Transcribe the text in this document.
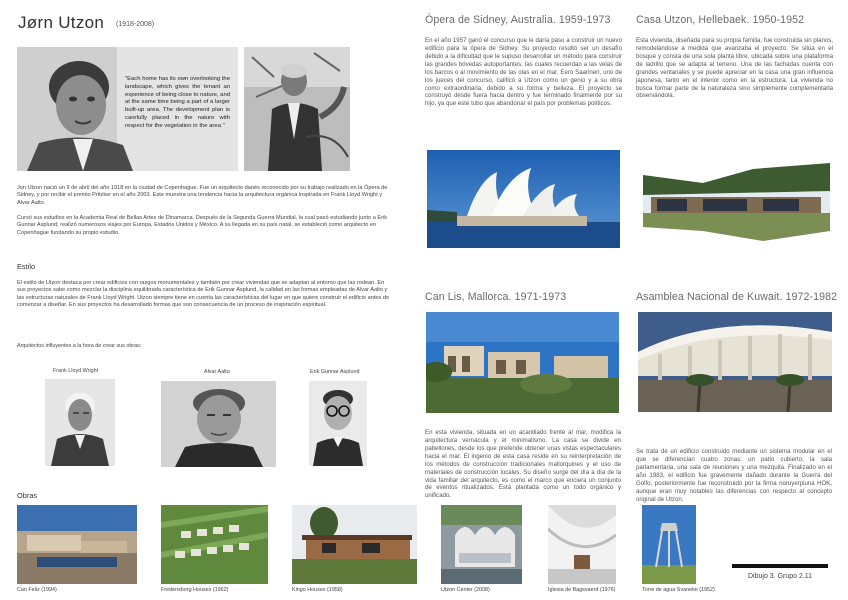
Jørn Utzon (1918-2008)
"Each home has its own overlooking the landscape, which gives the tenant an experience of being close to nature, and at the same time being a part of a larger built-up area. The development plan is carefully placed in the nature with respect for the vegetation in the area."
Jon Utzon nació un 9 de abril del año 1918 en la ciudad de Copenhague. Fue un arquitecto danés reconocido por su trabajo realizado en la Ópera de Sidney, y por recibir el premio Pritzker en el año 2003. Este muestra una tendencia hacia la arquitectura orgánica inspirada en Frank Lloyd Wright y Alvar Aalto.
Cursó sus estudios en la Academia Real de Bellas Artes de Dinamarca. Después de la Segunda Guerra Mundial, la cual pasó estudiando junto a Erik Gunnar Asplund, realizó numerosos viajes por Europa, Estados Unidos y México. A su llegada en su país natal, se estableció como arquitecto en Copenhague fundando su propio estudio.
Estilo
El estilo de Utzon destaca por crear edificios con rasgos monumentales y también por crear viviendas que se adaptan al entorno que las rodean. En sus proyectos sabe como mezclar la disciplina equilibrada característica de Erik Gunnar Asplund, la calidad en las formas empleadas de Alvar Aalto y las estructuras naturales de Frank Lloyd Wright. Utzon siempre tiene en cuenta las características del lugar en que quiere construir el edificio antes de comenzar a diseñar. En sus proyectos ha desarrollado formas que son consecuencia de un proceso de inspiración espiritual.
Arquitectos influyentes a la hora de crear sus obras:
Frank Lloyd Wright	Alvar Aalto	Erik Gunnar Asplund
Obras
Can Feliz (1994)	Fredensborg Houses (1962)	Kingo Houses (1958)	Utzon Center (2008)	Iglesia de Bagsvaerd (1976)	Torre de agua Svaneke (1952)
Ópera de Sidney, Australia. 1959-1973
En el año 1957 ganó el concurso que le daría paso a construir un nuevo edificio para la ópera de Sidney. Su proyecto resultó ser un desafío debido a la dificultad que le supuso desarrollar un método para construir las grandes bóvedas autoportantes, las cuales recuerdan a las velas de los barcos o al movimiento de las olas en el mar. Eero Saarinen, uno de los jueces del concurso, calificó a Utzon como un genio y a su obra como extraordinaria, debido a su forma y belleza. El proyecto se construyó desde fuera hacia dentro y fue terminado finalmente por su hijo, ya que este tubo que abandonar el país por problemas políticos.
Casa Utzon, Hellebaek. 1950-1952
Esta vivienda, diseñada para su propia familia, fue construida sin planos, remodelándose a medida que avanzaba el proyecto. Se sitúa en el bosque y consta de una sola planta libre, ubicada sobre una plataforma de ladrillo que se adapta al terreno. Una de las fachadas cuenta con grandes ventanales y se puede apreciar en la casa una gran influencia japonesa, tanto en el interior como en la estructura. La vivienda no busca formar parte de la naturaleza sino simplemente complementarla observándola.
Can Lis, Mallorca. 1971-1973
En esta vivienda, situada en un acantilado frente al mar, modifica la arquitectura vernácula y el minimalismo. La casa se divide en pabellones, desde los que pretende obtener unas vistas espectaculares hacia el mar. El ingenio de esta casa reside en su reinterpretación de los métodos de construcción tradicionales mallorquines y el uso de materiales de construcción locales. Su diseño surge del día a día de la vida familiar del arquitecto, es como el marco que enciera un conjunto de eventos ritualizados. Está plantada como un todo orgánico y unificado.
Asamblea Nacional de Kuwait. 1972-1982
Se trata de un edificio construido mediante un sistema modular en el que se diferencian cuatro zonas: un patio cubierto, la sala parlamentaria, una sala de reuniones y una mezquita. Finalizado en el año 1983, el edificio fue gravemente dañado durante la Guerra del Golfo, posteriormente fue reconstruido por la firma noruyerpiuna HOK, aunque eran muy notables las diferencias con respecto al concepto original de Utzon.
Dibujo 3. Grupo 2.11
